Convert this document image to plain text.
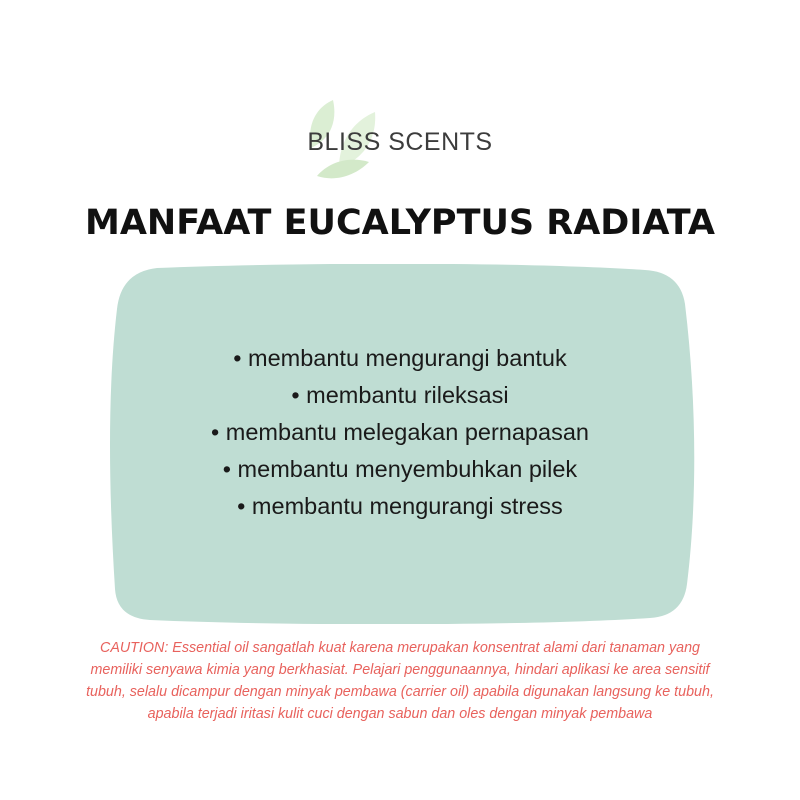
BLISS SCENTS
MANFAAT EUCALYPTUS RADIATA
• membantu mengurangi bantuk
• membantu rileksasi
• membantu melegakan pernapasan
• membantu menyembuhkan pilek
• membantu mengurangi stress
CAUTION: Essential oil sangatlah kuat karena merupakan konsentrat alami dari tanaman yang memiliki senyawa kimia yang berkhasiat. Pelajari penggunaannya, hindari aplikasi ke area sensitif tubuh, selalu dicampur dengan minyak pembawa (carrier oil) apabila digunakan langsung ke tubuh, apabila terjadi iritasi kulit cuci dengan sabun dan oles dengan minyak pembawa
